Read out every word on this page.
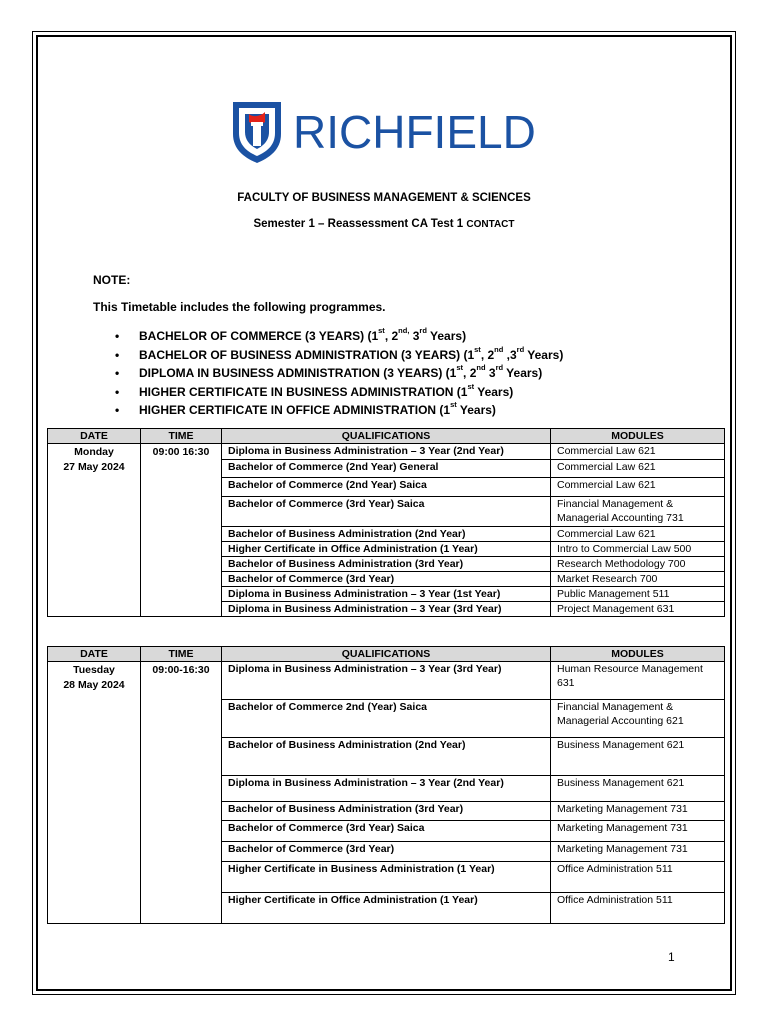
RICHFIELD
FACULTY OF BUSINESS MANAGEMENT & SCIENCES
Semester 1 – Reassessment CA Test 1 CONTACT
NOTE:
This Timetable includes the following programmes.
• BACHELOR OF COMMERCE (3 YEARS) (1st, $2^{nd,}$ 3rd Years)
• BACHELOR OF BUSINESS ADMINISTRATION (3 YEARS) (1st, 2nd ,3rd Years)
• DIPLOMA IN BUSINESS ADMINISTRATION (3 YEARS) (1st, 2nd 3rd Years)
• HIGHER CERTIFICATE IN BUSINESS ADMINISTRATION (1st Years)
• HIGHER CERTIFICATE IN OFFICE ADMINISTRATION (1st Years)
DATE	TIME	QUALIFICATIONS	MODULES

Monday
27 May 2024	09:00 16:30	Diploma in Business Administration – 3 Year (2nd Year)	Commercial Law 621
		Bachelor of Commerce (2nd Year) General	Commercial Law 621
		Bachelor of Commerce (2nd Year) Saica	Commercial Law 621
		Bachelor of Commerce (3rd Year) Saica	Financial Management & Managerial Accounting 731
		Bachelor of Business Administration (2nd Year)	Commercial Law 621
		Higher Certificate in Office Administration (1 Year)	Intro to Commercial Law 500
		Bachelor of Business Administration (3rd Year)	Research Methodology 700
		Bachelor of Commerce (3rd Year)	Market Research 700
		Diploma in Business Administration – 3 Year (1st Year)	Public Management 511
		Diploma in Business Administration – 3 Year (3rd Year)	Project Management 631
DATE	TIME	QUALIFICATIONS	MODULES

Tuesday
28 May 2024	09:00-16:30	Diploma in Business Administration – 3 Year (3rd Year)	Human Resource Management 631
		Bachelor of Commerce 2nd (Year) Saica	Financial Management & Managerial Accounting 621
		Bachelor of Business Administration (2nd Year)	Business Management 621
		Diploma in Business Administration – 3 Year (2nd Year)	Business Management 621
		Bachelor of Business Administration (3rd Year)	Marketing Management 731
		Bachelor of Commerce (3rd Year) Saica	Marketing Management 731
		Bachelor of Commerce (3rd Year)	Marketing Management 731
		Higher Certificate in Business Administration (1 Year)	Office Administration 511
		Higher Certificate in Office Administration (1 Year)	Office Administration 511
1
